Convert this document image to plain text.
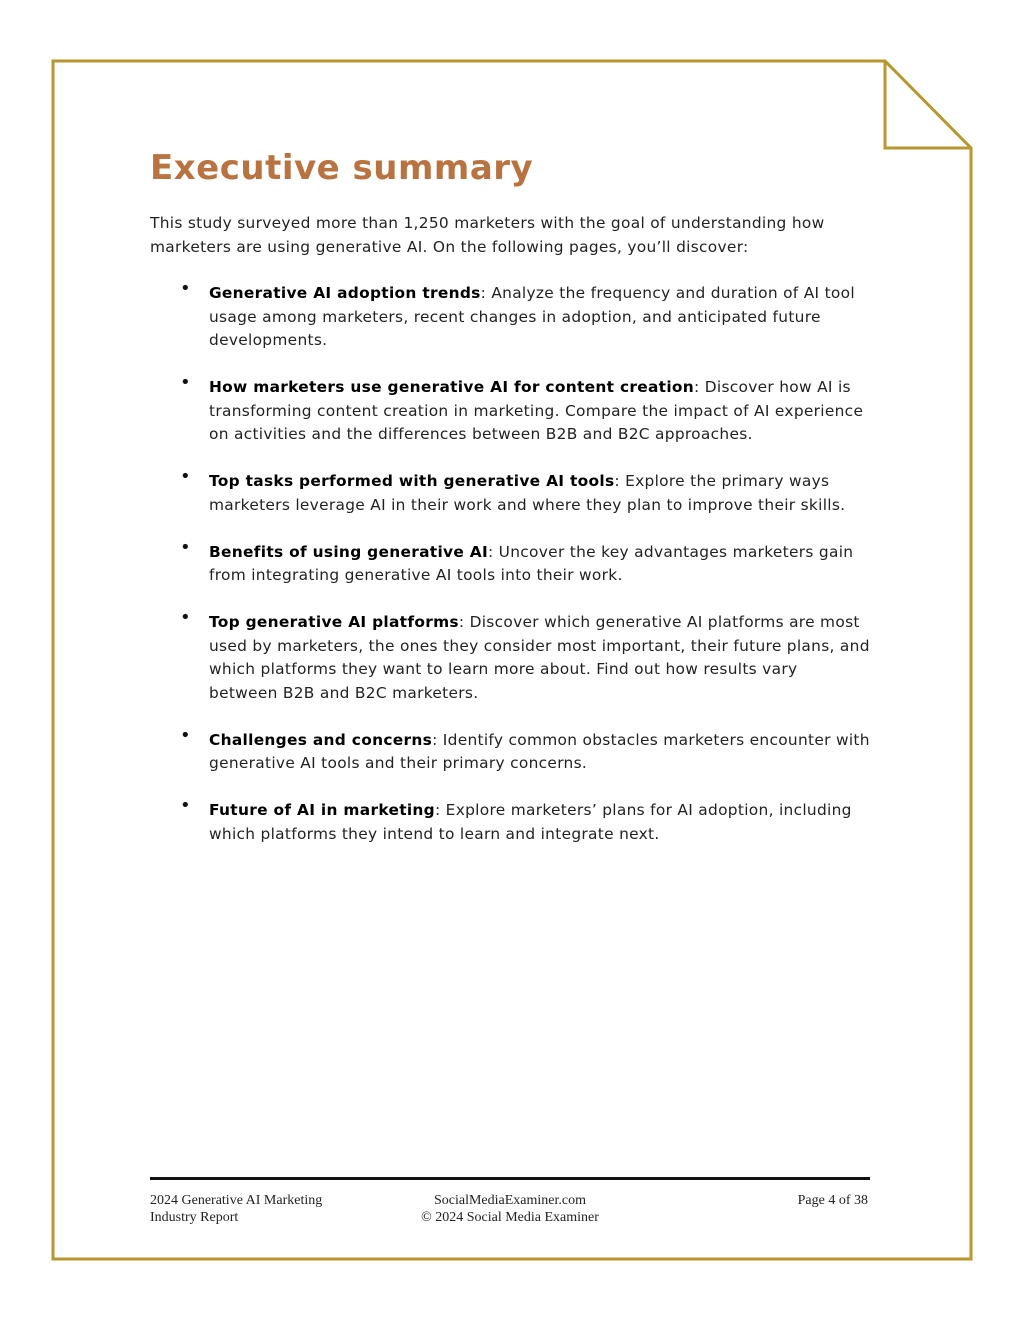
Executive summary

This study surveyed more than 1,250 marketers with the goal of understanding how marketers are using generative AI. On the following pages, you’ll discover:

• Generative AI adoption trends: Analyze the frequency and duration of AI tool usage among marketers, recent changes in adoption, and anticipated future developments.
• How marketers use generative AI for content creation: Discover how AI is transforming content creation in marketing. Compare the impact of AI experience on activities and the differences between B2B and B2C approaches.
• Top tasks performed with generative AI tools: Explore the primary ways marketers leverage AI in their work and where they plan to improve their skills.
• Benefits of using generative AI: Uncover the key advantages marketers gain from integrating generative AI tools into their work.
• Top generative AI platforms: Discover which generative AI platforms are most used by marketers, the ones they consider most important, their future plans, and which platforms they want to learn more about. Find out how results vary between B2B and B2C marketers.
• Challenges and concerns: Identify common obstacles marketers encounter with generative AI tools and their primary concerns.
• Future of AI in marketing: Explore marketers’ plans for AI adoption, including which platforms they intend to learn and integrate next.
2024 Generative AI Marketing
Industry Report
SocialMediaExaminer.com
© 2024 Social Media Examiner
Page 4 of 38
